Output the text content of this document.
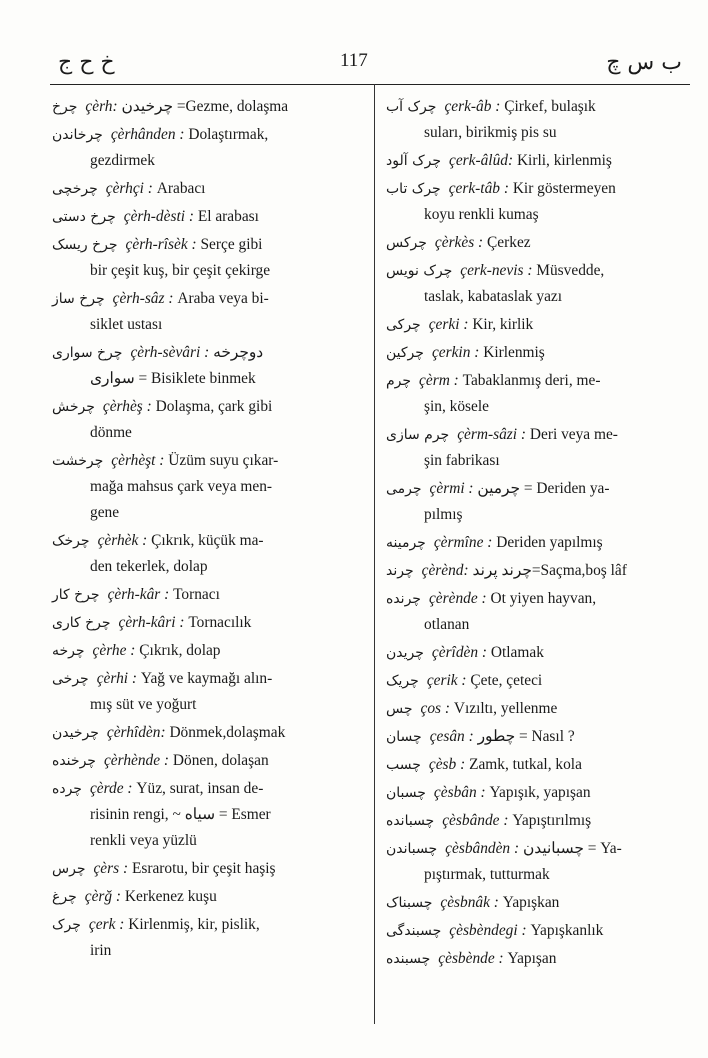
خ ح ج	117	ب س چ
چرخ çèrh: چرخیدن =Gezme, dolaşma
چرخاندن çèrhânden : Dolaştırmak,
gezdirmek
چرخچی çèrhçi : Arabacı
چرخ دستی çèrh-dèsti : El arabası
چرخ ریسک çèrh-rîsèk : Serçe gibi
bir çeşit kuş, bir çeşit çekirge
چرخ ساز çèrh-sâz : Araba veya bi-
siklet ustası
چرخ سواری çèrh-sèvâri : دوچرخه
سواری = Bisiklete binmek
چرخش çèrhèş : Dolaşma, çark gibi
dönme
چرخشت çèrhèşt : Üzüm suyu çıkar-
mağa mahsus çark veya men-
gene
چرخک çèrhèk : Çıkrık, küçük ma-
den tekerlek, dolap
چرخ کار çèrh-kâr : Tornacı
چرخ کاری çèrh-kâri : Tornacılık
چرخه çèrhe : Çıkrık, dolap
چرخی çèrhi : Yağ ve kaymağı alın-
mış süt ve yoğurt
چرخیدن çèrhîdèn: Dönmek,dolaşmak
چرخنده çèrhènde : Dönen, dolaşan
چرده çèrde : Yüz, surat, insan de-
risinin rengi, ~ سیاه = Esmer
renkli veya yüzlü
چرس çèrs : Esrarotu, bir çeşit haşiş
چرغ çèrğ : Kerkenez kuşu
چرک çerk : Kirlenmiş, kir, pislik,
irin
چرک آب çerk-âb : Çirkef, bulaşık
suları, birikmiş pis su
چرک آلود çerk-âlûd: Kirli, kirlenmiş
چرک تاب çerk-tâb : Kir göstermeyen
koyu renkli kumaş
چرکس çèrkès : Çerkez
چرک نویس çerk-nevis : Müsvedde,
taslak, kabataslak yazı
چرکی çerki : Kir, kirlik
چرکین çerkin : Kirlenmiş
چرم çèrm : Tabaklanmış deri, me-
şin, kösele
چرم سازی çèrm-sâzi : Deri veya me-
şin fabrikası
چرمی çèrmi : چرمین = Deriden ya-
pılmış
چرمینه çèrmîne : Deriden yapılmış
چرند çèrènd: چرند پرند=Saçma,boş lâf
چرنده çèrènde : Ot yiyen hayvan,
otlanan
چریدن çèrîdèn : Otlamak
چریک çerik : Çete, çeteci
چس ços : Vızıltı, yellenme
چسان çesân : چطور = Nasıl ?
چسب çèsb : Zamk, tutkal, kola
چسبان çèsbân : Yapışık, yapışan
چسبانده çèsbânde : Yapıştırılmış
چسباندن çèsbândèn : چسبانیدن = Ya-
pıştırmak, tutturmak
چسبناک çèsbnâk : Yapışkan
چسبندگی çèsbèndegi : Yapışkanlık
چسبنده çèsbènde : Yapışan
